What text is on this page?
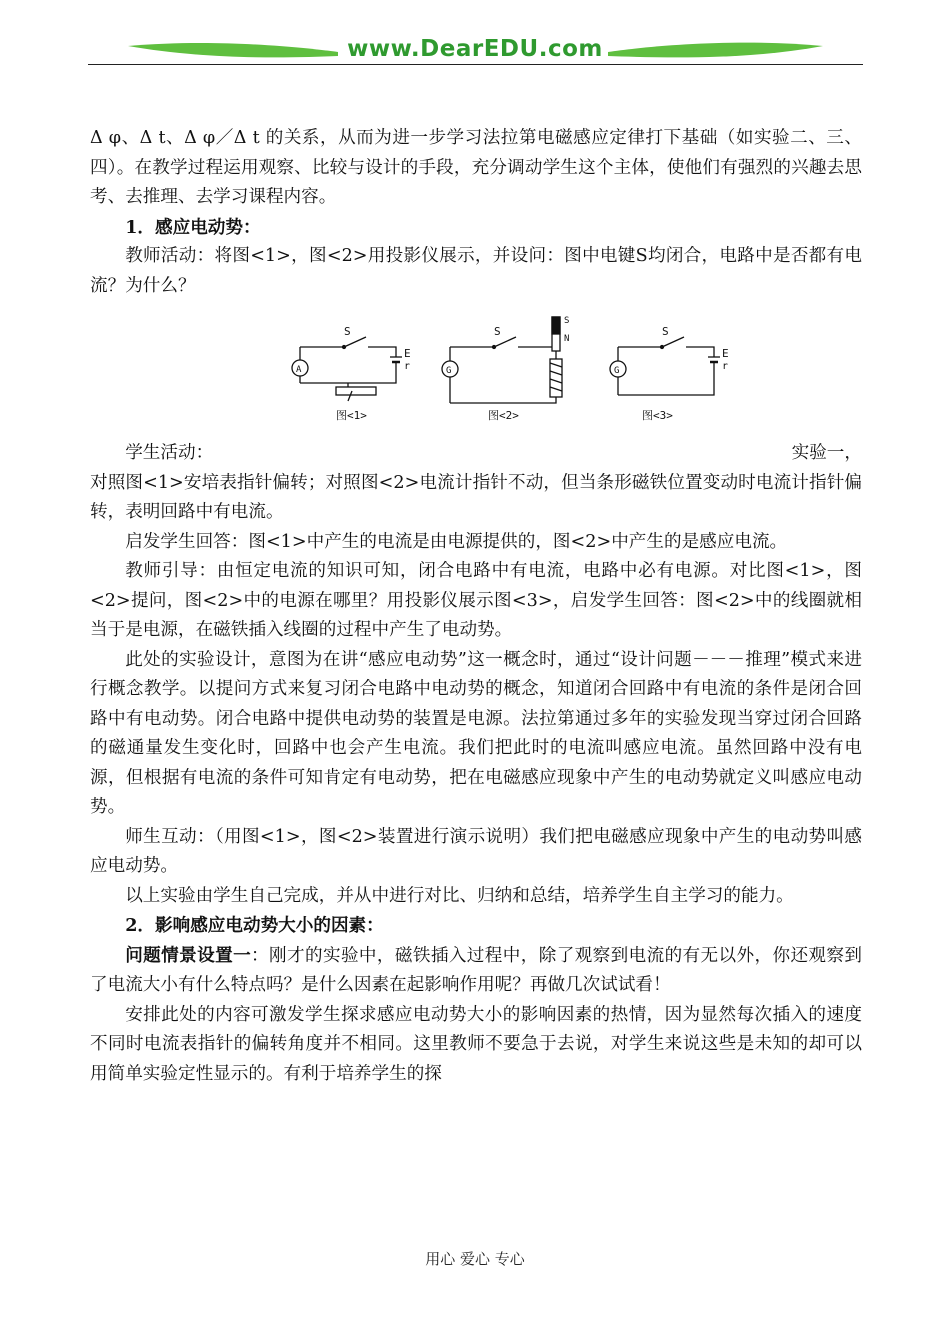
www.DearEDU.com

Δ φ、Δ t、Δ φ／Δ t 的关系，从而为进一步学习法拉第电磁感应定律打下基础（如实验二、三、四）。在教学过程运用观察、比较与设计的手段，充分调动学生这个主体，使他们有强烈的兴趣去思考、去推理、去学习课程内容。

1．感应电动势：

教师活动：将图<1>，图<2>用投影仪展示，并设问：图中电键S均闭合，电路中是否都有电流？为什么？

S
E
r
A
图<1>
S
N
S
G
图<2>
S
E
r
G
图<3>
学生活动：	实验一，

对照图<1>安培表指针偏转；对照图<2>电流计指针不动，但当条形磁铁位置变动时电流计指针偏转，表明回路中有电流。

启发学生回答：图<1>中产生的电流是由电源提供的，图<2>中产生的是感应电流。

教师引导：由恒定电流的知识可知，闭合电路中有电流，电路中必有电源。对比图<1>，图<2>提问，图<2>中的电源在哪里？用投影仪展示图<3>，启发学生回答：图<2>中的线圈就相当于是电源，在磁铁插入线圈的过程中产生了电动势。

此处的实验设计，意图为在讲“感应电动势”这一概念时，通过“设计问题－－－推理”模式来进行概念教学。以提问方式来复习闭合电路中电动势的概念，知道闭合回路中有电流的条件是闭合回路中有电动势。闭合电路中提供电动势的装置是电源。法拉第通过多年的实验发现当穿过闭合回路的磁通量发生变化时，回路中也会产生电流。我们把此时的电流叫感应电流。虽然回路中没有电源，但根据有电流的条件可知肯定有电动势，把在电磁感应现象中产生的电动势就定义叫感应电动势。

师生互动：（用图<1>，图<2>装置进行演示说明）我们把电磁感应现象中产生的电动势叫感应电动势。

以上实验由学生自己完成，并从中进行对比、归纳和总结，培养学生自主学习的能力。

2．影响感应电动势大小的因素：

问题情景设置一：刚才的实验中，磁铁插入过程中，除了观察到电流的有无以外，你还观察到了电流大小有什么特点吗？是什么因素在起影响作用呢？再做几次试试看！

安排此处的内容可激发学生探求感应电动势大小的影响因素的热情，因为显然每次插入的速度不同时电流表指针的偏转角度并不相同。这里教师不要急于去说，对学生来说这些是未知的却可以用简单实验定性显示的。有利于培养学生的探

用心 爱心 专心
